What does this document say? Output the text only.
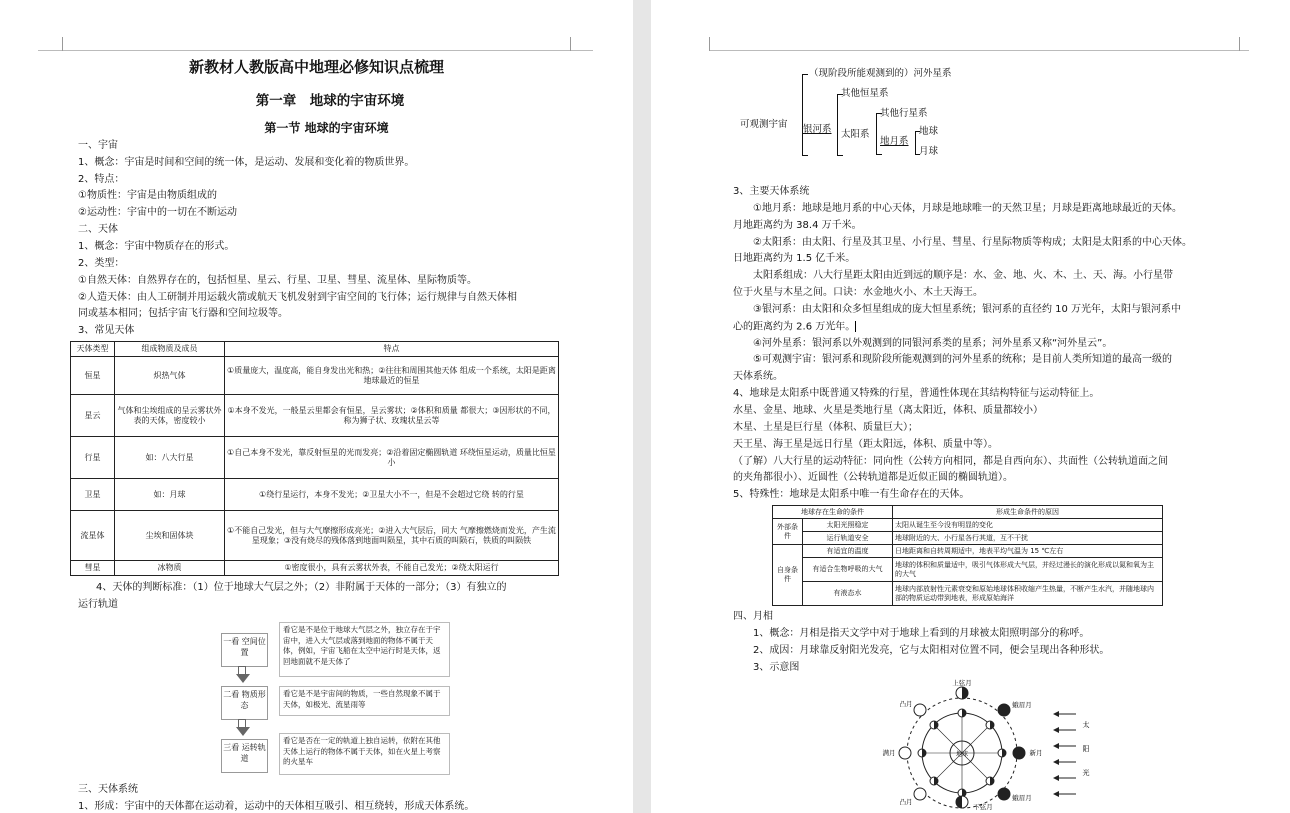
新教材人教版高中地理必修知识点梳理
第一章　地球的宇宙环境
第一节 地球的宇宙环境
一、宇宙
1、概念：宇宙是时间和空间的统一体，是运动、发展和变化着的物质世界。
2、特点：
①物质性：宇宙是由物质组成的
②运动性：宇宙中的一切在不断运动
二、天体
1、概念：宇宙中物质存在的形式。
2、类型：
①自然天体：自然界存在的，包括恒星、星云、行星、卫星、彗星、流星体、星际物质等。
②人造天体：由人工研制并用运载火箭或航天飞机发射到宇宙空间的飞行体；运行规律与自然天体相
同或基本相同；包括宇宙飞行器和空间垃圾等。
3、常见天体
天体类型	组成物质及成员	特点
恒星	炽热气体	①质量庞大，温度高，能自身发出光和热；②往往和周围其他天体 组成一个系统，太阳是距离地球最近的恒星
星云	气体和尘埃组成的呈云雾状外表的天体，密度较小	①本身不发光，一般星云里都会有恒星，呈云雾状；②体积和质量 都很大；③因形状的不同，称为狮子状、玫瑰状星云等
行星	如：八大行星	①自己本身不发光，靠反射恒星的光而发亮；②沿着固定椭圆轨道 环绕恒星运动，质量比恒星小
卫星	如：月球	①绕行星运行，本身不发光；②卫星大小不一，但是不会超过它绕 转的行星
流星体	尘埃和固体块	①不能自己发光，但与大气摩擦形成亮光；②进入大气层后，同大 气摩擦燃烧而发光，产生流星现象；③没有烧尽的残体落到地面叫陨星，其中石质的叫陨石，铁质的叫陨铁
彗星	冰物质	①密度很小，具有云雾状外表，不能自己发光；②绕太阳运行
4、天体的判断标准：（1）位于地球大气层之外；（2）非附属于天体的一部分；（3）有独立的
运行轨道
一看 空间位置
看它是不是位于地球大气层之外，独立存在于宇宙中，进入大气层或落到地面的物体不属于天体，例如，宇宙飞船在太空中运行时是天体，返回地面就不是天体了
二看 物质形态
看它是不是宇宙间的物质，一些自然现象不属于天体，如极光、流星雨等
三看 运转轨道
看它是否在一定的轨道上独自运转，依附在其他天体上运行的物体不属于天体，如在火星上考察的火星车
三、天体系统
1、形成：宇宙中的天体都在运动着，运动中的天体相互吸引、相互绕转，形成天体系统。
可观测宇宙
（现阶段所能观测到的）河外星系
银河系
其他恒星系
太阳系
其他行星系
地月系
地球
月球
3、主要天体系统
　　①地月系：地球是地月系的中心天体，月球是地球唯一的天然卫星；月球是距离地球最近的天体。
月地距离约为 38.4 万千米。
　　②太阳系：由太阳、行星及其卫星、小行星、彗星、行星际物质等构成；太阳是太阳系的中心天体。
日地距离约为 1.5 亿千米。
　　太阳系组成：八大行星距太阳由近到远的顺序是：水、金、地、火、木、土、天、海。小行星带
位于火星与木星之间。口诀：水金地火小、木土天海王。
　　③银河系：由太阳和众多恒星组成的庞大恒星系统；银河系的直径约 10 万光年，太阳与银河系中
心的距离约为 2.6 万光年。
　　④河外星系：银河系以外观测到的同银河系类的星系；河外星系又称“河外星云”。
　　⑤可观测宇宙：银河系和现阶段所能观测到的河外星系的统称；是目前人类所知道的最高一级的
天体系统。
4、地球是太阳系中既普通又特殊的行星，普通性体现在其结构特征与运动特征上。
水星、金星、地球、火星是类地行星（离太阳近，体积、质量都较小）
木星、土星是巨行星（体积、质量巨大）；
天王星、海王星是远日行星（距太阳远，体积、质量中等）。
（了解）八大行星的运动特征：同向性（公转方向相同，都是自西向东）、共面性（公转轨道面之间
的夹角都很小）、近圆性（公转轨道都是近似正圆的椭圆轨道）。
5、特殊性：地球是太阳系中唯一有生命存在的天体。
地球存在生命的条件		形成生命条件的原因
外部条件	太阳光照稳定	太阳从诞生至今没有明显的变化
	运行轨道安全	地球附近的大、小行星各行其道，互不干扰
自身条件	有适宜的温度	日地距离和自转周期适中，地表平均气温为 15 ℃左右
	有适合生物呼吸的大气	地球的体积和质量适中，吸引气体形成大气层，并经过漫长的演化形成以氮和氧为主的大气
	有液态水	地球内部放射性元素衰变和原始地球体积收缩产生热量，不断产生水汽，并随地球内部的物质运动带到地表，形成原始海洋
四、月相
　　1、概念：月相是指天文学中对于地球上看到的月球被太阳照明部分的称呼。
　　2、成因：月球靠反射阳光发亮，它与太阳相对位置不同，便会呈现出各种形状。
　　3、示意图
地球
上弦月
凸月	蛾眉月
满月	新月
凸月	蛾眉月
下弦月
太
阳
光
